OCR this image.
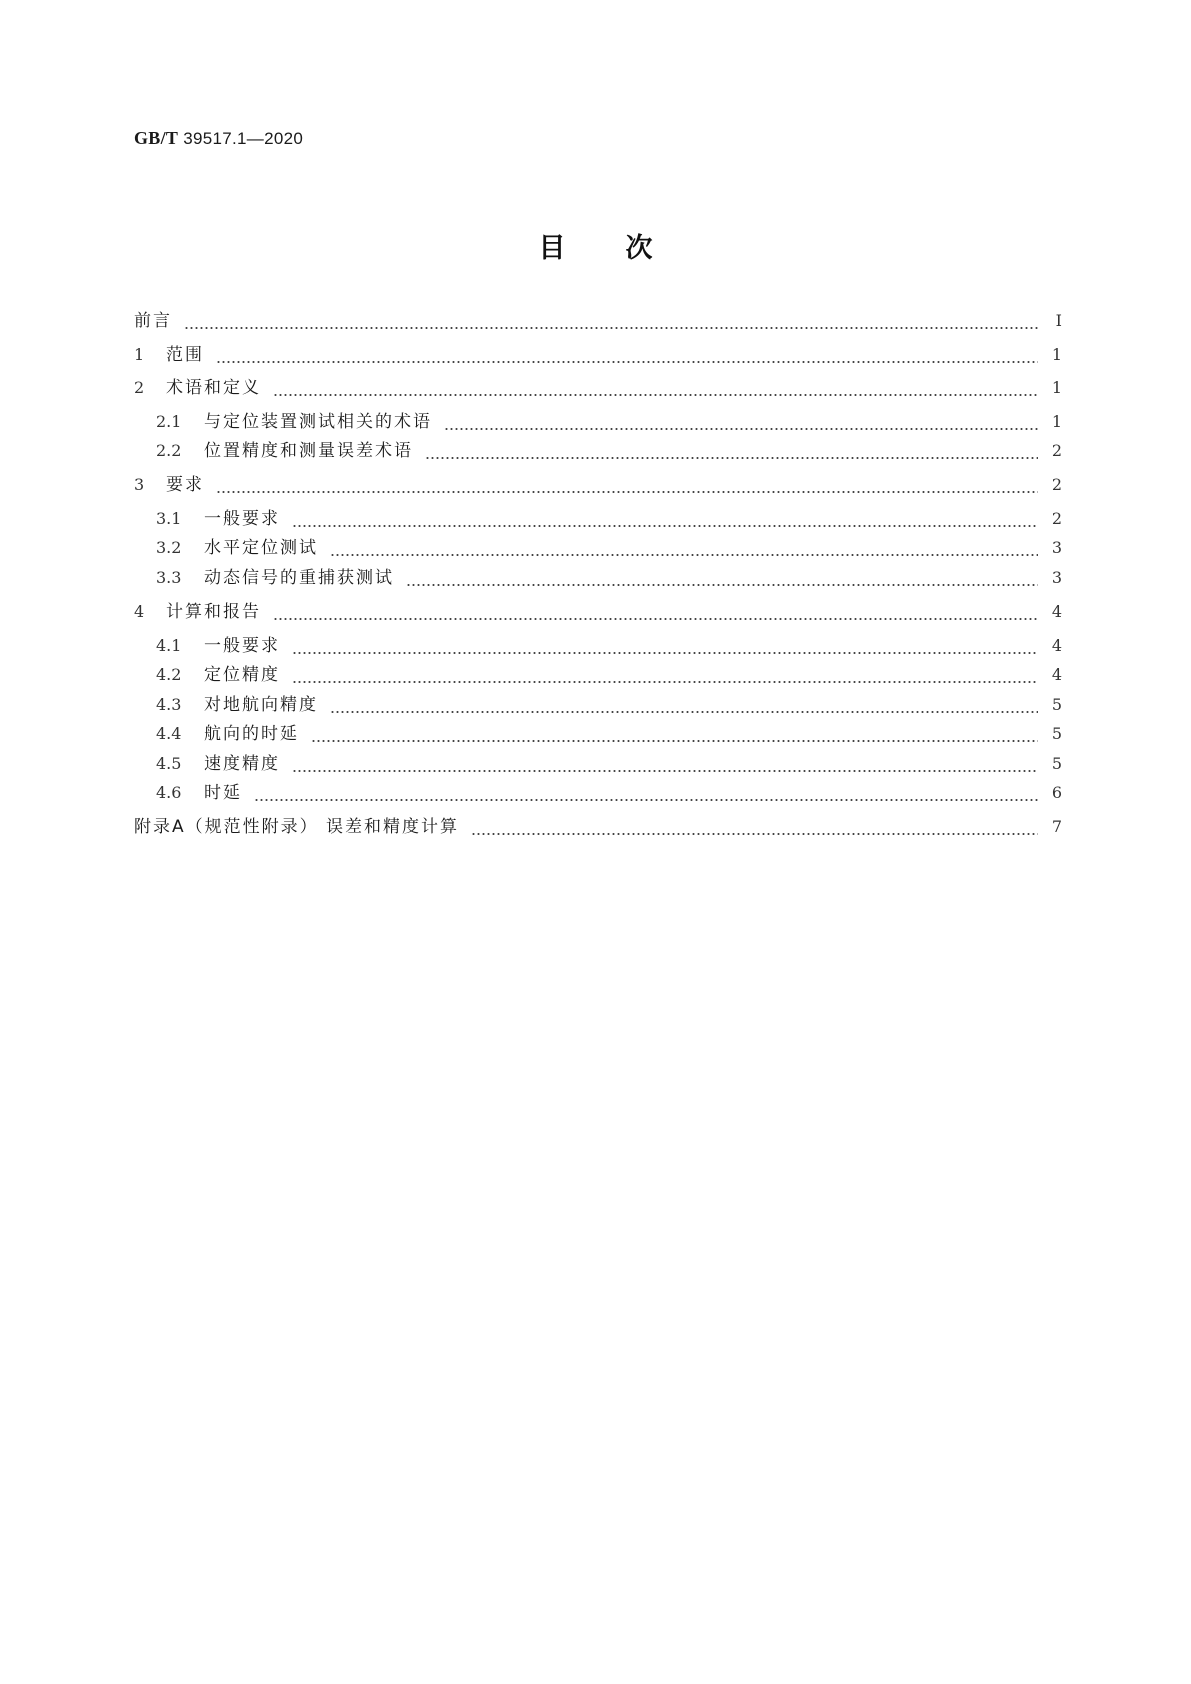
GB/T 39517.1—2020
目次
前言	Ⅰ
1	范围	1
2	术语和定义	1
2.1	与定位装置测试相关的术语	1
2.2	位置精度和测量误差术语	2
3	要求	2
3.1	一般要求	2
3.2	水平定位测试	3
3.3	动态信号的重捕获测试	3
4	计算和报告	4
4.1	一般要求	4
4.2	定位精度	4
4.3	对地航向精度	5
4.4	航向的时延	5
4.5	速度精度	5
4.6	时延	6
附录A（规范性附录） 误差和精度计算	7
